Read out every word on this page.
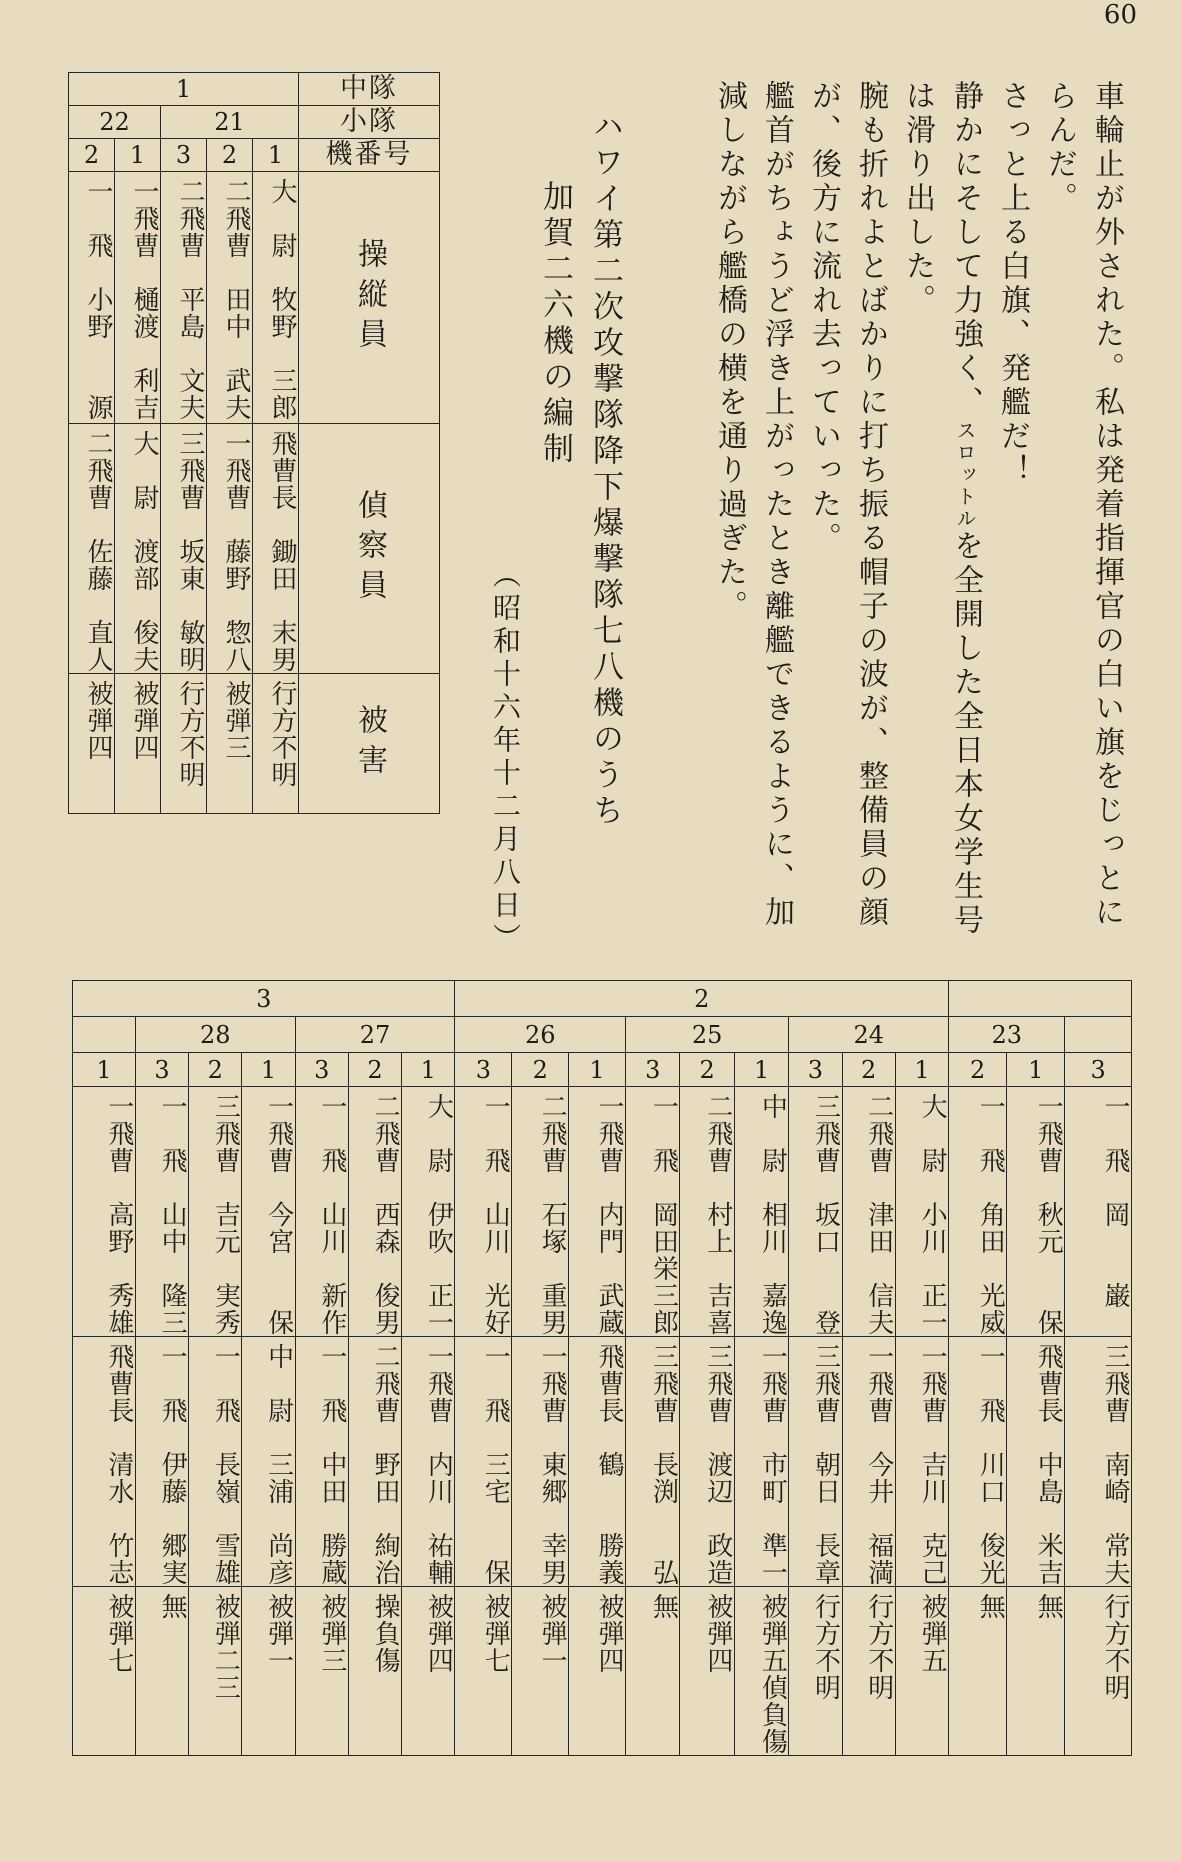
60

車輪止が外された。私は発着指揮官の白い旗をじっとにらんだ。

さっと上る白旗、発艦だ！

静かにそして力強く、スロットルを全開した全日本女学生号は滑り出した。

腕も折れよとばかりに打ち振る帽子の波が、整備員の顔が、後方に流れ去っていった。

艦首がちょうど浮き上がったとき離艦できるように、加減しながら艦橋の横を通り過ぎた。

ハワイ第二次攻撃隊降下爆撃隊七八機のうち

加賀二六機の編制

（昭和十六年十二月八日）

1					中隊
22		21			小隊
2	1	3	2	1	機番号
一　飛　小野　　源	一飛曹　樋渡　利吉	二飛曹　平島　文夫	二飛曹　田中　武夫	大　尉　牧野　三郎	操縦員
二飛曹　佐藤　直人	大　尉　渡部　俊夫	三飛曹　坂東　敏明	一飛曹　藤野　惣八	飛曹長　鋤田　末男	偵察員
被弾四	被弾四	行方不明	被弾三	行方不明	被害
3							2											
	28			27			26			25			24			23		
1	3	2	1	3	2	1	3	2	1	3	2	1	3	2	1	2	1	3
一飛曹　高野　秀雄	一　飛　山中　隆三	三飛曹　吉元　実秀	一飛曹　今宮　　保	一　飛　山川　新作	二飛曹　西森　俊男	大　尉　伊吹　正一	一　飛　山川　光好	二飛曹　石塚　重男	一飛曹　内門　武蔵	一　飛　岡田栄三郎	二飛曹　村上　吉喜	中　尉　相川　嘉逸	三飛曹　坂口　　登	二飛曹　津田　信夫	大　尉　小川　正一	一　飛　角田　光威	一飛曹　秋元　　保	一　飛　岡　　巌
飛曹長　清水　竹志	一　飛　伊藤　郷実	一　飛　長嶺　雪雄	中　尉　三浦　尚彦	一　飛　中田　勝蔵	二飛曹　野田　絢治	一飛曹　内川　祐輔	一　飛　三宅　　保	一飛曹　東郷　幸男	飛曹長　鶴　　勝義	三飛曹　長渕　　弘	三飛曹　渡辺　政造	一飛曹　市町　準一	三飛曹　朝日　長章	一飛曹　今井　福満	一飛曹　吉川　克己	一　飛　川口　俊光	飛曹長　中島　米吉	三飛曹　南崎　常夫
被弾七	無	被弾二三	被弾一	被弾三	操負傷	被弾四	被弾七	被弾一	被弾四	無	被弾四	被弾五偵負傷	行方不明	行方不明	被弾五	無	無	行方不明
